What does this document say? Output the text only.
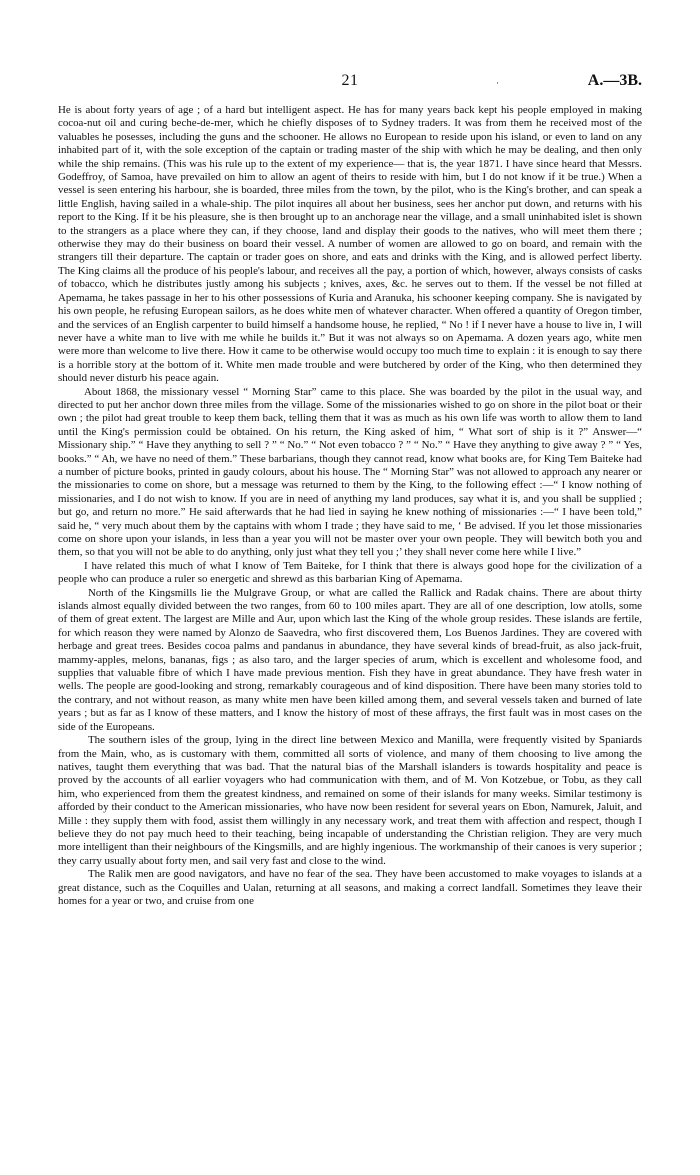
21	·	A.—3B.

He is about forty years of age ; of a hard but intelligent aspect. He has for many years back kept his people employed in making cocoa-nut oil and curing beche-de-mer, which he chiefly disposes of to Sydney traders. It was from them he received most of the valuables he posesses, including the guns and the schooner. He allows no European to reside upon his island, or even to land on any inhabited part of it, with the sole exception of the captain or trading master of the ship with which he may be dealing, and then only while the ship remains. (This was his rule up to the extent of my experience— that is, the year 1871. I have since heard that Messrs. Godeffroy, of Samoa, have prevailed on him to allow an agent of theirs to reside with him, but I do not know if it be true.) When a vessel is seen entering his harbour, she is boarded, three miles from the town, by the pilot, who is the King's brother, and can speak a little English, having sailed in a whale-ship. The pilot inquires all about her business, sees her anchor put down, and returns with his report to the King. If it be his pleasure, she is then brought up to an anchorage near the village, and a small uninhabited islet is shown to the strangers as a place where they can, if they choose, land and display their goods to the natives, who will meet them there ; otherwise they may do their business on board their vessel. A number of women are allowed to go on board, and remain with the strangers till their departure. The captain or trader goes on shore, and eats and drinks with the King, and is allowed perfect liberty. The King claims all the produce of his people's labour, and receives all the pay, a portion of which, however, always consists of casks of tobacco, which he distributes justly among his subjects ; knives, axes, &c. he serves out to them. If the vessel be not filled at Apemama, he takes passage in her to his other possessions of Kuria and Aranuka, his schooner keeping company. She is navigated by his own people, he refusing European sailors, as he does white men of whatever character. When offered a quantity of Oregon timber, and the services of an English carpenter to build himself a handsome house, he replied, “ No ! if I never have a house to live in, I will never have a white man to live with me while he builds it.” But it was not always so on Apemama. A dozen years ago, white men were more than welcome to live there. How it came to be otherwise would occupy too much time to explain : it is enough to say there is a horrible story at the bottom of it. White men made trouble and were butchered by order of the King, who then determined they should never disturb his peace again.

About 1868, the missionary vessel “ Morning Star” came to this place. She was boarded by the pilot in the usual way, and directed to put her anchor down three miles from the village. Some of the missionaries wished to go on shore in the pilot boat or their own ; the pilot had great trouble to keep them back, telling them that it was as much as his own life was worth to allow them to land until the King's permission could be obtained. On his return, the King asked of him, “ What sort of ship is it ?” Answer—“ Missionary ship.” “ Have they anything to sell ? ” “ No.” “ Not even tobacco ? ” “ No.” “ Have they anything to give away ? ” “ Yes, books.” “ Ah, we have no need of them.” These barbarians, though they cannot read, know what books are, for King Tem Baiteke had a number of picture books, printed in gaudy colours, about his house. The “ Morning Star” was not allowed to approach any nearer or the missionaries to come on shore, but a message was returned to them by the King, to the following effect :—“ I know nothing of missionaries, and I do not wish to know. If you are in need of anything my land produces, say what it is, and you shall be supplied ; but go, and return no more.” He said afterwards that he had lied in saying he knew nothing of missionaries :—“ I have been told,” said he, “ very much about them by the captains with whom I trade ; they have said to me, ‘ Be advised. If you let those missionaries come on shore upon your islands, in less than a year you will not be master over your own people. They will bewitch both you and them, so that you will not be able to do anything, only just what they tell you ;’ they shall never come here while I live.”

I have related this much of what I know of Tem Baiteke, for I think that there is always good hope for the civilization of a people who can produce a ruler so energetic and shrewd as this barbarian King of Apemama.

North of the Kingsmills lie the Mulgrave Group, or what are called the Rallick and Radak chains. There are about thirty islands almost equally divided between the two ranges, from 60 to 100 miles apart. They are all of one description, low atolls, some of them of great extent. The largest are Mille and Aur, upon which last the King of the whole group resides. These islands are fertile, for which reason they were named by Alonzo de Saavedra, who first discovered them, Los Buenos Jardines. They are covered with herbage and great trees. Besides cocoa palms and pandanus in abundance, they have several kinds of bread-fruit, as also jack-fruit, mammy-apples, melons, bananas, figs ; as also taro, and the larger species of arum, which is excellent and wholesome food, and supplies that valuable fibre of which I have made previous mention. Fish they have in great abundance. They have fresh water in wells. The people are good-looking and strong, remarkably courageous and of kind disposition. There have been many stories told to the contrary, and not without reason, as many white men have been killed among them, and several vessels taken and burned of late years ; but as far as I know of these matters, and I know the history of most of these affrays, the first fault was in most cases on the side of the Europeans.

The southern isles of the group, lying in the direct line between Mexico and Manilla, were frequently visited by Spaniards from the Main, who, as is customary with them, committed all sorts of violence, and many of them choosing to live among the natives, taught them everything that was bad. That the natural bias of the Marshall islanders is towards hospitality and peace is proved by the accounts of all earlier voyagers who had communication with them, and of M. Von Kotzebue, or Tobu, as they call him, who experienced from them the greatest kindness, and remained on some of their islands for many weeks. Similar testimony is afforded by their conduct to the American missionaries, who have now been resident for several years on Ebon, Namurek, Jaluit, and Mille : they supply them with food, assist them willingly in any necessary work, and treat them with affection and respect, though I believe they do not pay much heed to their teaching, being incapable of understanding the Christian religion. They are very much more intelligent than their neighbours of the Kingsmills, and are highly ingenious. The workmanship of their canoes is very superior ; they carry usually about forty men, and sail very fast and close to the wind.

The Ralik men are good navigators, and have no fear of the sea. They have been accustomed to make voyages to islands at a great distance, such as the Coquilles and Ualan, returning at all seasons, and making a correct landfall. Sometimes they leave their homes for a year or two, and cruise from one
